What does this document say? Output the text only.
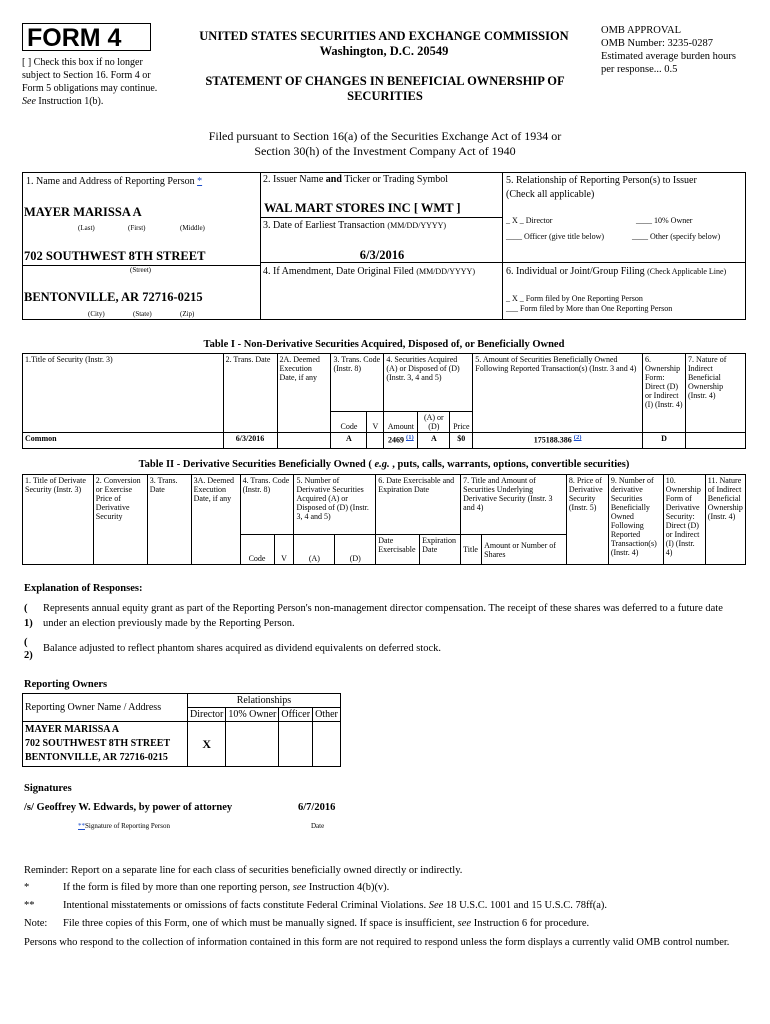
FORM 4
[ ] Check this box if no longer subject to Section 16. Form 4 or Form 5 obligations may continue. See Instruction 1(b).
UNITED STATES SECURITIES AND EXCHANGE COMMISSION
Washington, D.C. 20549
STATEMENT OF CHANGES IN BENEFICIAL OWNERSHIP OF SECURITIES
OMB APPROVAL
OMB Number: 3235-0287
Estimated average burden hours per response... 0.5
Filed pursuant to Section 16(a) of the Securities Exchange Act of 1934 or
Section 30(h) of the Investment Company Act of 1940
1. Name and Address of Reporting Person *
MAYER MARISSA A
(Last)	(First)	(Middle)
702 SOUTHWEST 8TH STREET
(Street)
BENTONVILLE, AR 72716-0215
(City)	(State)	(Zip)
2. Issuer Name and Ticker or Trading Symbol
WAL MART STORES INC [ WMT ]
3. Date of Earliest Transaction (MM/DD/YYYY)
6/3/2016
4. If Amendment, Date Original Filed (MM/DD/YYYY)
5. Relationship of Reporting Person(s) to Issuer
(Check all applicable)
_ X _ Director	____ 10% Owner
____ Officer (give title below)	____ Other (specify below)
6. Individual or Joint/Group Filing (Check Applicable Line)
_ X _ Form filed by One Reporting Person
___ Form filed by More than One Reporting Person
Table I - Non-Derivative Securities Acquired, Disposed of, or Beneficially Owned
1.Title of Security (Instr. 3)	2. Trans. Date	2A. Deemed Execution Date, if any	3. Trans. Code (Instr. 8)		4. Securities Acquired (A) or Disposed of (D) (Instr. 3, 4 and 5)			5. Amount of Securities Beneficially Owned Following Reported Transaction(s) (Instr. 3 and 4)	6. Ownership Form: Direct (D) or Indirect (I) (Instr. 4)	7. Nature of Indirect Beneficial Ownership (Instr. 4)
			Code	V	Amount	(A) or (D)	Price			
Common	6/3/2016		A		2469 $^{(1)}$	A	$0	175188.386 $^{(2)}$	D	
Table II - Derivative Securities Beneficially Owned ( e.g. , puts, calls, warrants, options, convertible securities)
1. Title of Derivate Security (Instr. 3)	2. Conversion or Exercise Price of Derivative Security	3. Trans. Date	3A. Deemed Execution Date, if any	4. Trans. Code (Instr. 8)		5. Number of Derivative Securities Acquired (A) or Disposed of (D) (Instr. 3, 4 and 5)		6. Date Exercisable and Expiration Date		7. Title and Amount of Securities Underlying Derivative Security (Instr. 3 and 4)		8. Price of Derivative Security (Instr. 5)	9. Number of derivative Securities Beneficially Owned Following Reported Transaction(s) (Instr. 4)	10. Ownership Form of Derivative Security: Direct (D) or Indirect (I) (Instr. 4)	11. Nature of Indirect Beneficial Ownership (Instr. 4)
				Code	V	(A)	(D)	Date Exercisable	Expiration Date	Title	Amount or Number of Shares				
Explanation of Responses:
( 1)
Represents annual equity grant as part of the Reporting Person's non-management director compensation. The receipt of these shares was deferred to a future date under an election previously made by the Reporting Person.
( 2)
Balance adjusted to reflect phantom shares acquired as dividend equivalents on deferred stock.
Reporting Owners
Reporting Owner Name / Address	Relationships			
	Director	10% Owner	Officer	Other

MAYER MARISSA A
702 SOUTHWEST 8TH STREET
BENTONVILLE, AR 72716-0215	X			
Signatures
/s/ Geoffrey W. Edwards, by power of attorney	6/7/2016
**Signature of Reporting Person	Date
Reminder: Report on a separate line for each class of securities beneficially owned directly or indirectly.
*	If the form is filed by more than one reporting person, see Instruction 4(b)(v).
**	Intentional misstatements or omissions of facts constitute Federal Criminal Violations. See 18 U.S.C. 1001 and 15 U.S.C. 78ff(a).
Note: File three copies of this Form, one of which must be manually signed. If space is insufficient, see Instruction 6 for procedure.
Persons who respond to the collection of information contained in this form are not required to respond unless the form displays a currently valid OMB control number.
